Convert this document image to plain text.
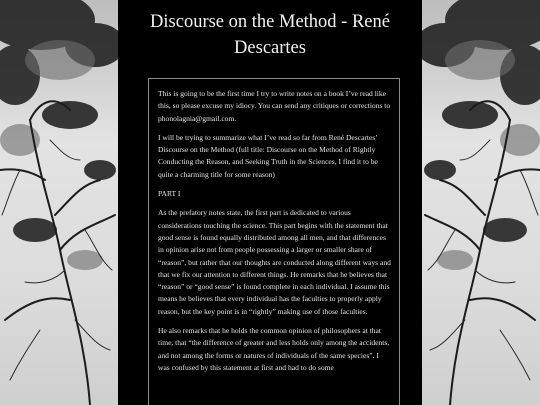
Discourse on the Method - René Descartes

This is going to be the first time I try to write notes on a book I’ve read like this, so please excuse my idiocy. You can send any critiques or corrections to phonolagnia@gmail.com.

I will be trying to summarize what I’ve read so far from René Descartes’ Discourse on the Method (full title: Discourse on the Method of Rightly Conducting the Reason, and Seeking Truth in the Sciences, I find it to be quite a charming title for some reason)

PART I

As the prefatory notes state, the first part is dedicated to various considerations touching the science. This part begins with the statement that good sense is found equally distributed among all men, and that differences in opinion arise not from people possessing a larger or smaller share of “reason”, but rather that our thoughts are conducted along different ways and that we fix our attention to different things. He remarks that he believes that “reason” or “good sense” is found complete in each individual. I assume this means he believes that every individual has the faculties to properly apply reason, but the key point is in “rightly” making use of those faculties.

He also remarks that he holds the common opinion of philosophers at that time, that “the difference of greater and less holds only among the accidents, and not among the forms or natures of individuals of the same species”. I was confused by this statement at first and had to do some
